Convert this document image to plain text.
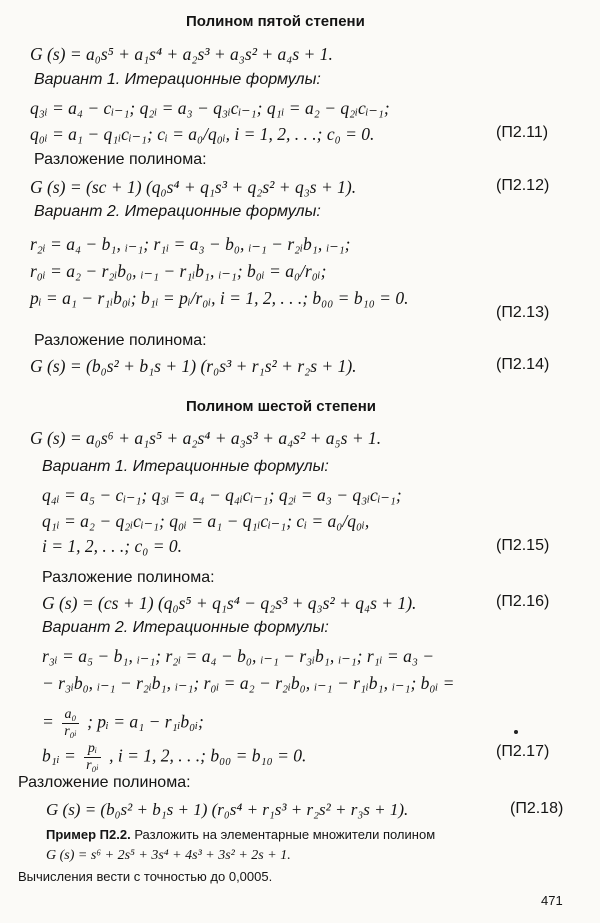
Полином пятой степени
G (s) = a₀s⁵ + a₁s⁴ + a₂s³ + a₃s² + a₄s + 1.
Вариант 1. Итерационные формулы:
q₃ᵢ = a₄ − cᵢ₋₁; q₂ᵢ = a₃ − q₃ᵢcᵢ₋₁; q₁ᵢ = a₂ − q₂ᵢcᵢ₋₁;
q₀ᵢ = a₁ − q₁ᵢcᵢ₋₁; cᵢ = a₀/q₀ᵢ, i = 1, 2, . . .; c₀ = 0.	(П2.11)
Разложение полинома:
G (s) = (sc + 1) (q₀s⁴ + q₁s³ + q₂s² + q₃s + 1).	(П2.12)
Вариант 2. Итерационные формулы:
r₂ᵢ = a₄ − b₁, ᵢ₋₁; r₁ᵢ = a₃ − b₀, ᵢ₋₁ − r₂ᵢb₁, ᵢ₋₁;
r₀ᵢ = a₂ − r₂ᵢb₀, ᵢ₋₁ − r₁ᵢb₁, ᵢ₋₁; b₀ᵢ = a₀/r₀ᵢ;
pᵢ = a₁ − r₁ᵢb₀ᵢ; b₁ᵢ = pᵢ/r₀ᵢ, i = 1, 2, . . .; b₀₀ = b₁₀ = 0.
(П2.13)
Разложение полинома:
G (s) = (b₀s² + b₁s + 1) (r₀s³ + r₁s² + r₂s + 1).	(П2.14)
Полином шестой степени
G (s) = a₀s⁶ + a₁s⁵ + a₂s⁴ + a₃s³ + a₄s² + a₅s + 1.
Вариант 1. Итерационные формулы:
q₄ᵢ = a₅ − cᵢ₋₁; q₃ᵢ = a₄ − q₄ᵢcᵢ₋₁; q₂ᵢ = a₃ − q₃ᵢcᵢ₋₁;
q₁ᵢ = a₂ − q₂ᵢcᵢ₋₁; q₀ᵢ = a₁ − q₁ᵢcᵢ₋₁; cᵢ = a₀/q₀ᵢ,
i = 1, 2, . . .; c₀ = 0.	(П2.15)
Разложение полинома:
G (s) = (cs + 1) (q₀s⁵ + q₁s⁴ − q₂s³ + q₃s² + q₄s + 1).	(П2.16)
Вариант 2. Итерационные формулы:
r₃ᵢ = a₅ − b₁, ᵢ₋₁; r₂ᵢ = a₄ − b₀, ᵢ₋₁ − r₃ᵢb₁, ᵢ₋₁; r₁ᵢ = a₃ −
− r₃ᵢb₀, ᵢ₋₁ − r₂ᵢb₁, ᵢ₋₁; r₀ᵢ = a₂ − r₂ᵢb₀, ᵢ₋₁ − r₁ᵢb₁, ᵢ₋₁; b₀ᵢ =
= $\frac{\text{a₀}}{\text{r₀ᵢ}}$ ; pᵢ = a₁ − r₁ᵢb₀ᵢ;
b₁ᵢ = $\frac{\text{pᵢ}}{\text{r₀ᵢ}}$ , i = 1, 2, . . .; b₀₀ = b₁₀ = 0.	(П2.17)
Разложение полинома:
G (s) = (b₀s² + b₁s + 1) (r₀s⁴ + r₁s³ + r₂s² + r₃s + 1).	(П2.18)
Пример П2.2. Разложить на элементарные множители полином
G (s) = s⁶ + 2s⁵ + 3s⁴ + 4s³ + 3s² + 2s + 1.
Вычисления вести с точностью до 0,0005.
471
